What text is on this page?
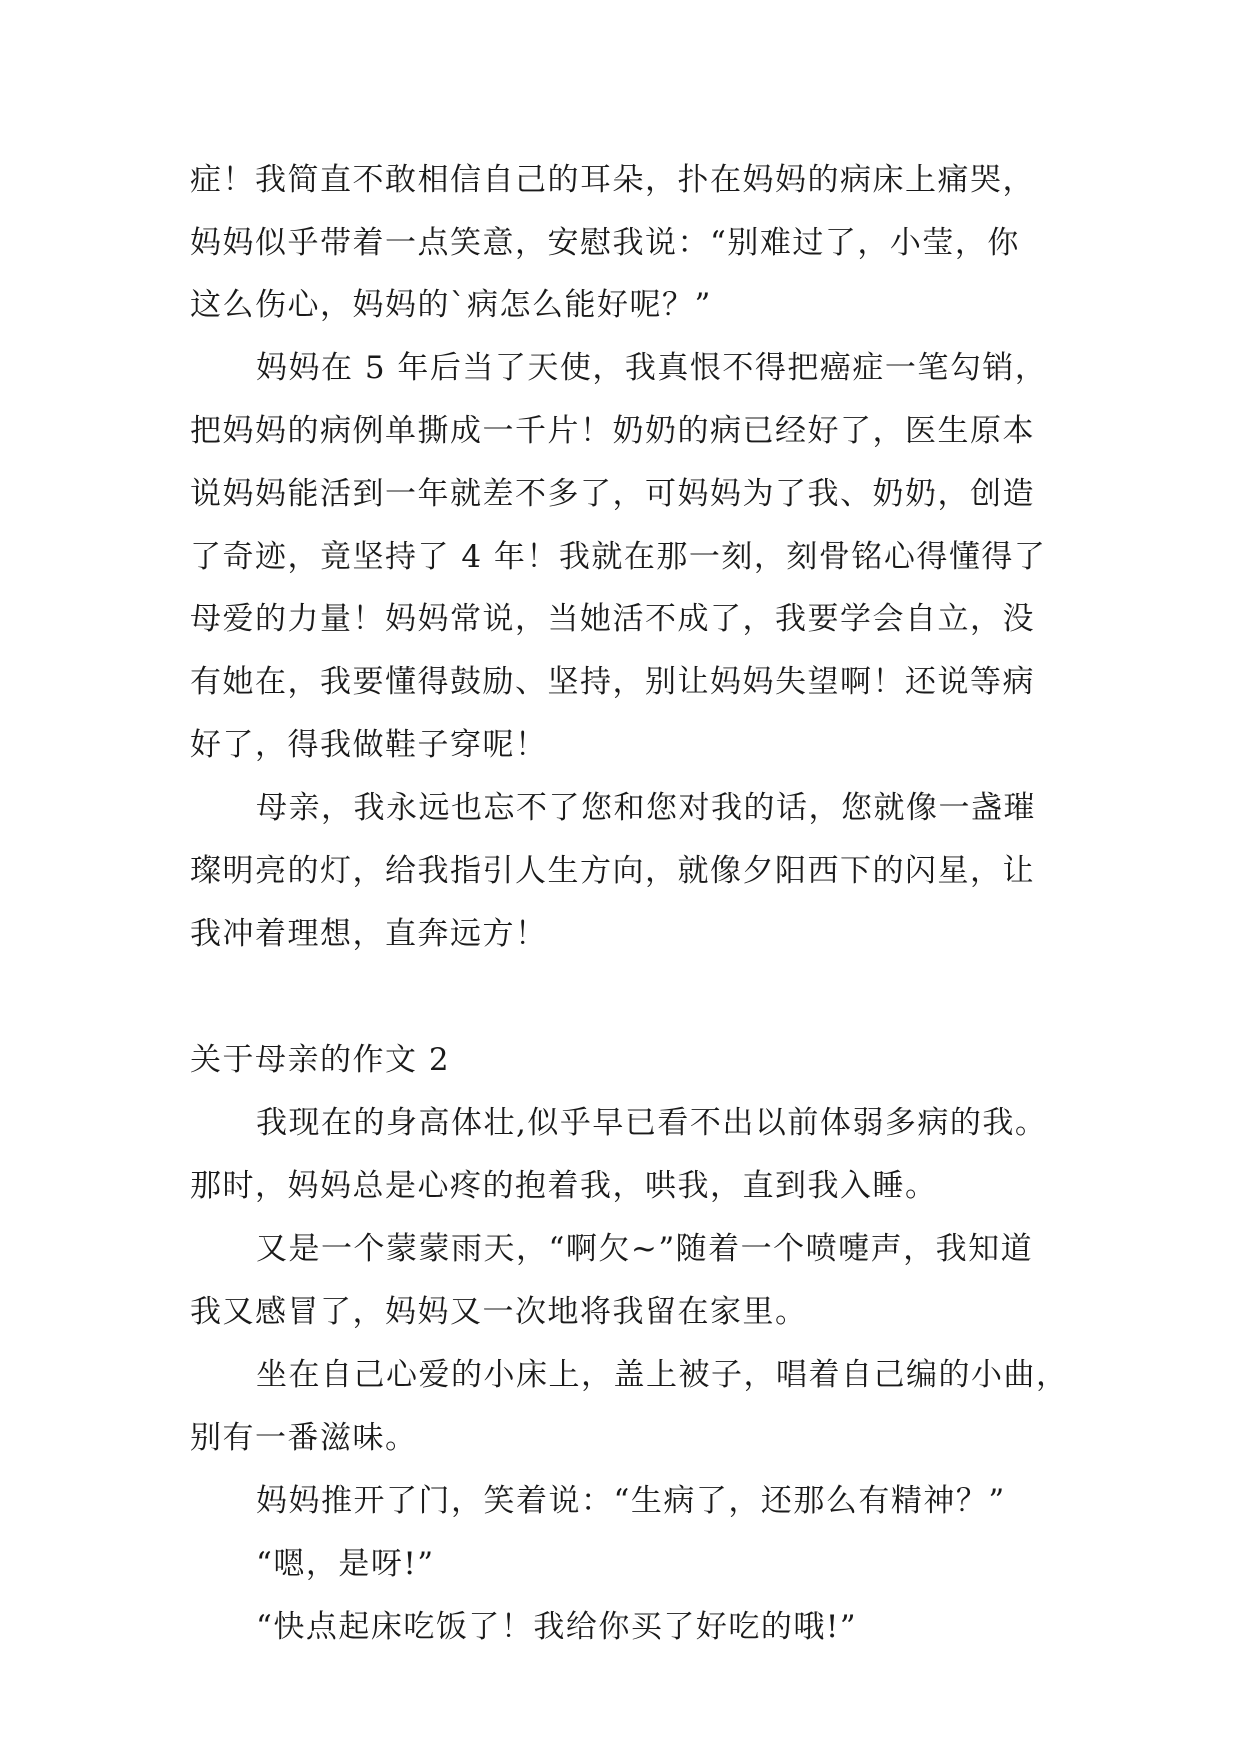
症！我简直不敢相信自己的耳朵，扑在妈妈的病床上痛哭，
妈妈似乎带着一点笑意，安慰我说：“别难过了，小莹，你
这么伤心，妈妈的`病怎么能好呢？”
妈妈在 5 年后当了天使，我真恨不得把癌症一笔勾销，
把妈妈的病例单撕成一千片！奶奶的病已经好了，医生原本
说妈妈能活到一年就差不多了，可妈妈为了我、奶奶，创造
了奇迹，竟坚持了 4 年！我就在那一刻，刻骨铭心得懂得了
母爱的力量！妈妈常说，当她活不成了，我要学会自立，没
有她在，我要懂得鼓励、坚持，别让妈妈失望啊！还说等病
好了，得我做鞋子穿呢！
母亲，我永远也忘不了您和您对我的话，您就像一盏璀
璨明亮的灯，给我指引人生方向，就像夕阳西下的闪星，让
我冲着理想，直奔远方！
关于母亲的作文 2
我现在的身高体壮,似乎早已看不出以前体弱多病的我。
那时，妈妈总是心疼的抱着我，哄我，直到我入睡。
又是一个蒙蒙雨天，“啊欠~”随着一个喷嚏声，我知道
我又感冒了，妈妈又一次地将我留在家里。
坐在自己心爱的小床上，盖上被子，唱着自己编的小曲，
别有一番滋味。
妈妈推开了门，笑着说：“生病了，还那么有精神？”
“嗯，是呀!”
“快点起床吃饭了！我给你买了好吃的哦!”
